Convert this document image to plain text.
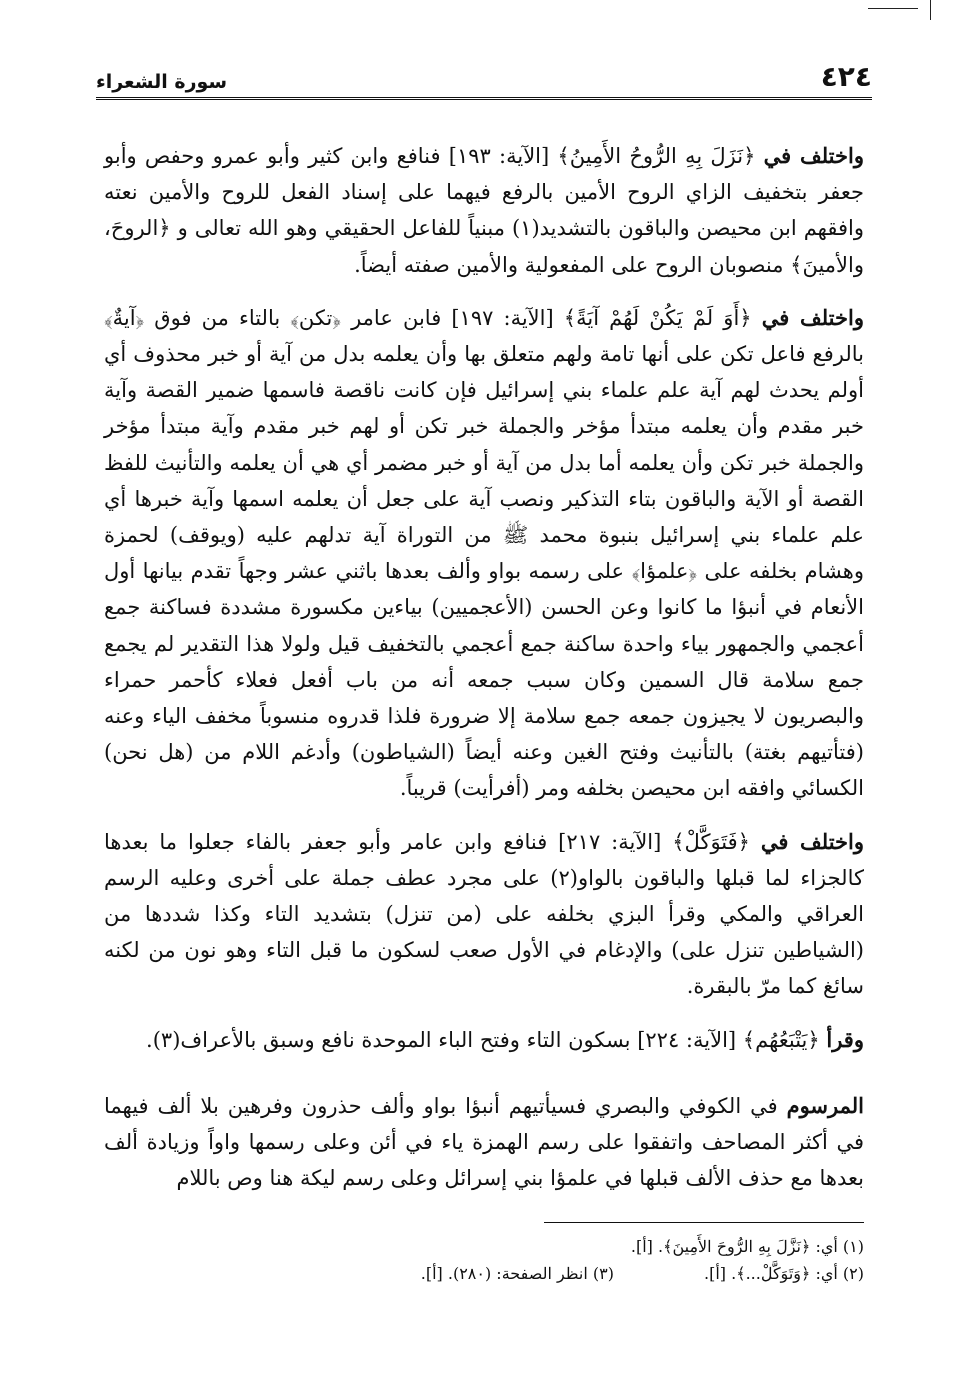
٤٢٤
سورة الشعراء

واختلف في ﴿نَزَلَ بِهِ الرُّوحُ الأَمِينُ﴾ [الآية: ١٩٣] فنافع وابن كثير وأبو عمرو وحفص وأبو جعفر بتخفيف الزاي الروح الأمين بالرفع فيهما على إسناد الفعل للروح والأمين نعته وافقهم ابن محيصن والباقون بالتشديد(١) مبنياً للفاعل الحقيقي وهو الله تعالى و ﴿الروحَ، والأمينَ﴾ منصوبان الروح على المفعولية والأمين صفته أيضاً.

واختلف في ﴿أَوَ لَمْ يَكُنْ لَهُمْ آيَةً﴾ [الآية: ١٩٧] فابن عامر ﴿تكن﴾ بالتاء من فوق ﴿آيةٌ﴾ بالرفع فاعل تكن على أنها تامة ولهم متعلق بها وأن يعلمه بدل من آية أو خبر محذوف أي أولم يحدث لهم آية علم علماء بني إسرائيل فإن كانت ناقصة فاسمها ضمير القصة وآية خبر مقدم وأن يعلمه مبتدأ مؤخر والجملة خبر تكن أو لهم خبر مقدم وآية مبتدأ مؤخر والجملة خبر تكن وأن يعلمه أما بدل من آية أو خبر مضمر أي هي أن يعلمه والتأنيث للفظ القصة أو الآية والباقون بتاء التذكير ونصب آية على جعل أن يعلمه اسمها وآية خبرها أي علم علماء بني إسرائيل بنبوة محمد ﷺ من التوراة آية تدلهم عليه (ويوقف) لحمزة وهشام بخلفه على ﴿علمؤا﴾ على رسمه بواو وألف بعدها باثني عشر وجهاً تقدم بيانها أول الأنعام في أنبؤا ما كانوا وعن الحسن (الأعجميين) بياءين مكسورة مشددة فساكنة جمع أعجمي والجمهور بياء واحدة ساكنة جمع أعجمي بالتخفيف قيل ولولا هذا التقدير لم يجمع جمع سلامة قال السمين وكان سبب جمعه أنه من باب أفعل فعلاء كأحمر حمراء والبصريون لا يجيزون جمعه جمع سلامة إلا ضرورة فلذا قدروه منسوباً مخفف الياء وعنه (فتأتيهم بغتة) بالتأنيث وفتح الغين وعنه أيضاً (الشياطون) وأدغم اللام من (هل نحن) الكسائي وافقه ابن محيصن بخلفه ومر (أفرأيت) قريباً.

واختلف في ﴿فَتَوَكَّلْ﴾ [الآية: ٢١٧] فنافع وابن عامر وأبو جعفر بالفاء جعلوا ما بعدها كالجزاء لما قبلها والباقون بالواو(٢) على مجرد عطف جملة على أخرى وعليه الرسم العراقي والمكي وقرأ البزي بخلفه على (من تنزل) بتشديد التاء وكذا شددها من (الشياطين تنزل على) والإدغام في الأول صعب لسكون ما قبل التاء وهو نون من لكنه سائغ كما مرّ بالبقرة.

وقرأ ﴿يَتْبَعُهُم﴾ [الآية: ٢٢٤] بسكون التاء وفتح الباء الموحدة نافع وسبق بالأعراف(٣).

المرسوم في الكوفي والبصري فسيأتيهم أنبؤا بواو وألف حذرون وفرهين بلا ألف فيهما في أكثر المصاحف واتفقوا على رسم الهمزة ياء في أئن وعلى رسمها واواً وزيادة ألف بعدها مع حذف الألف قبلها في علمؤا بني إسرائل وعلى رسم ليكة هنا وص باللام

(١) أي: ﴿نَزَّلَ بِهِ الرُّوحَ الأَمِينَ﴾. [أ].
(٢) أي: ﴿وَتَوَكَّلْ...﴾. [أ].
(٣) انظر الصفحة: (٢٨٠). [أ].
